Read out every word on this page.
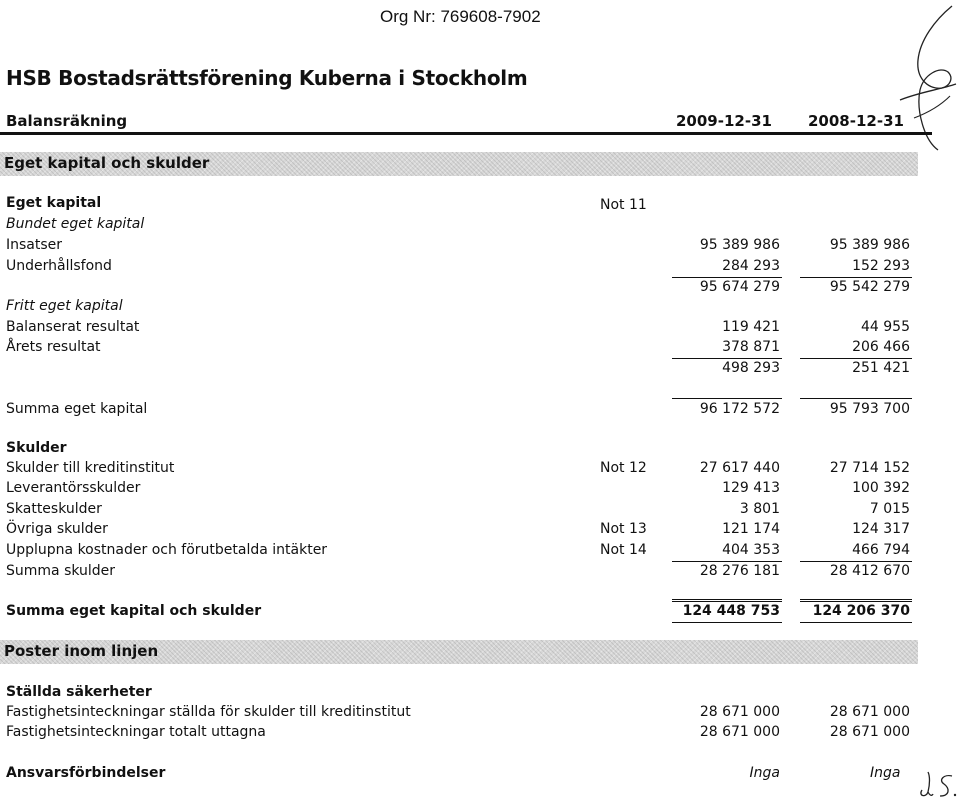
Org Nr: 769608-7902
HSB Bostadsrättsförening Kuberna i Stockholm
Balansräkning	2009-12-31 2008-12-31
Eget kapital och skulder
Eget kapital	Not 11
Bundet eget kapital
Insatser	95 389 986	95 389 986
Underhållsfond	284 293	152 293
95 674 279	95 542 279
Fritt eget kapital
Balanserat resultat	119 421	44 955
Årets resultat	378 871	206 466
498 293	251 421
Summa eget kapital	96 172 572	95 793 700
Skulder
Skulder till kreditinstitut	Not 12	27 617 440	27 714 152
Leverantörsskulder	129 413	100 392
Skatteskulder	3 801	7 015
Övriga skulder	Not 13	121 174	124 317
Upplupna kostnader och förutbetalda intäkter	Not 14	404 353	466 794
Summa skulder	28 276 181	28 412 670
Summa eget kapital och skulder	124 448 753	124 206 370
Poster inom linjen
Ställda säkerheter
Fastighetsinteckningar ställda för skulder till kreditinstitut	28 671 000	28 671 000
Fastighetsinteckningar totalt uttagna	28 671 000	28 671 000
Ansvarsförbindelser	Inga	Inga
